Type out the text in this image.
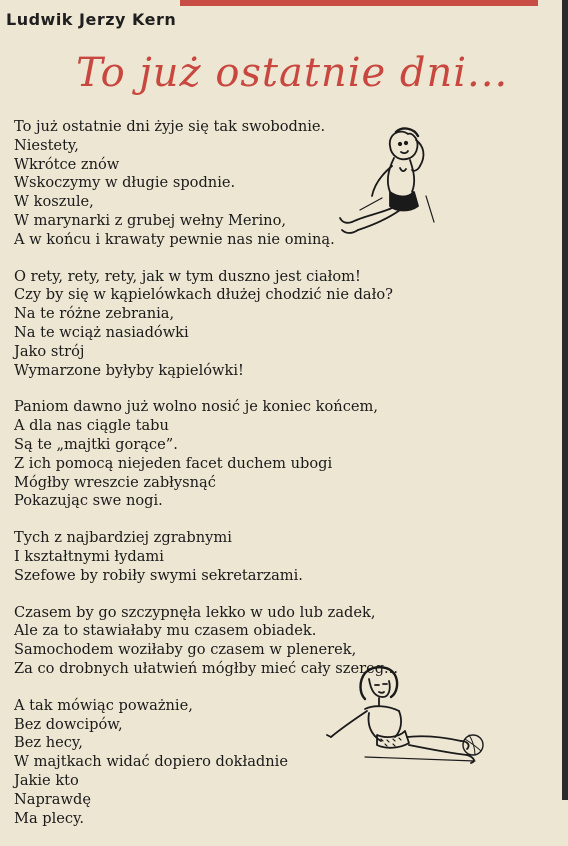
Ludwik Jerzy Kern
To już ostatnie dni...
To już ostatnie dni żyje się tak swobodnie.
Niestety,
Wkrótce znów
Wskoczymy w długie spodnie.
W koszule,
W marynarki z grubej wełny Merino,
A w końcu i krawaty pewnie nas nie ominą.
O rety, rety, rety, jak w tym duszno jest ciałom!
Czy by się w kąpielówkach dłużej chodzić nie dało?
Na te różne zebrania,
Na te wciąż nasiadówki
Jako strój
Wymarzone byłyby kąpielówki!
Paniom dawno już wolno nosić je koniec końcem,
A dla nas ciągle tabu
Są te „majtki gorące”.
Z ich pomocą niejeden facet duchem ubogi
Mógłby wreszcie zabłysnąć
Pokazując swe nogi.
Tych z najbardziej zgrabnymi
I kształtnymi łydami
Szefowe by robiły swymi sekretarzami.
Czasem by go szczypnęła lekko w udo lub zadek,
Ale za to stawiałaby mu czasem obiadek.
Samochodem woziłaby go czasem w plenerek,
Za co drobnych ułatwień mógłby mieć cały szereg...
A tak mówiąc poważnie,
Bez dowcipów,
Bez hecy,
W majtkach widać dopiero dokładnie
Jakie kto
Naprawdę
Ma plecy.
